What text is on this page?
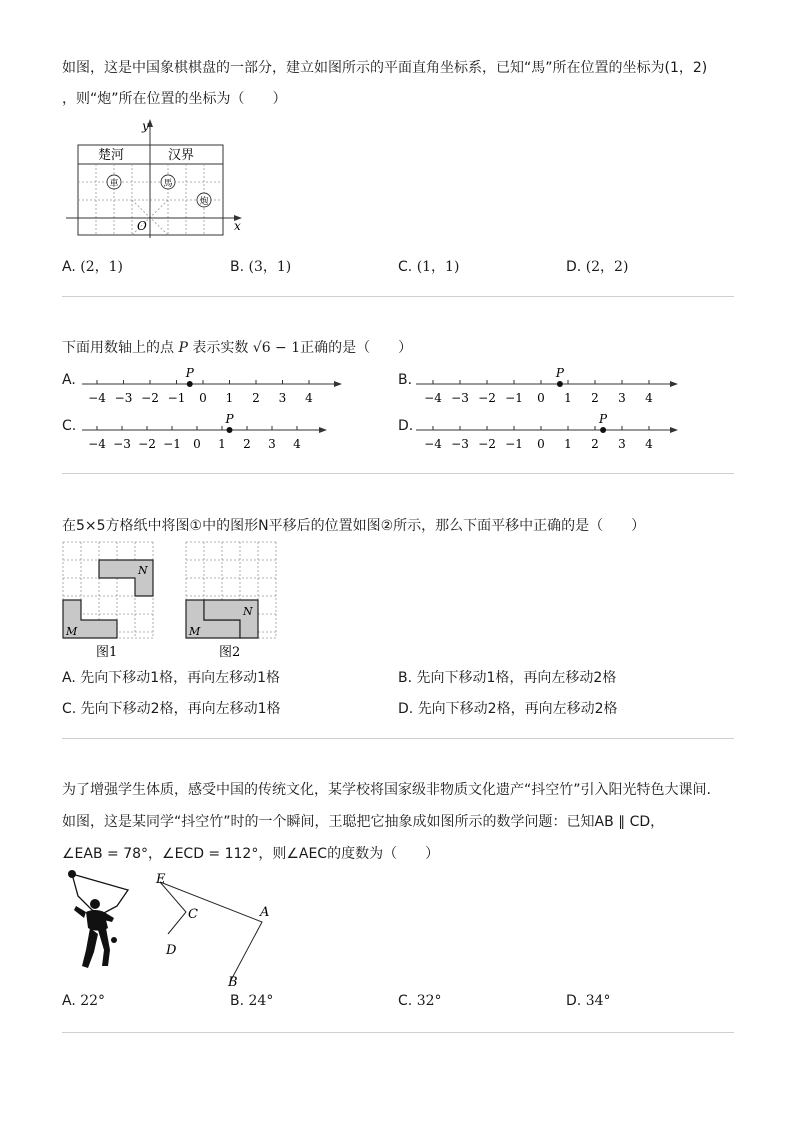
如图，这是中国象棋棋盘的一部分，建立如图所示的平面直角坐标系，已知“馬”所在位置的坐标为(1，2)
，则“炮”所在位置的坐标为（　　）
x
y
O
楚河	汉界
車	馬
炮
A. (2，1)	B. (3，1)	C. (1，1)	D. (2，2)
下面用数轴上的点 P 表示实数 √6 − 1正确的是（　　）
A.
−4 −3 −2 −1 0 1 2 3 4
P	B.
−4 −3 −2 −1 0 1 2 3 4
P
C.
−4 −3 −2 −1 0 1 2 3 4
P	D.
−4 −3 −2 −1 0 1 2 3 4
P
在5×5方格纸中将图①中的图形N平移后的位置如图②所示，那么下面平移中正确的是（　　）
M
N
图1
M
N
图2
A. 先向下移动1格，再向左移动1格	B. 先向下移动1格，再向左移动2格
C. 先向下移动2格，再向左移动1格	D. 先向下移动2格，再向左移动2格
为了增强学生体质，感受中国的传统文化，某学校将国家级非物质文化遗产“抖空竹”引入阳光特色大课间.
如图，这是某同学“抖空竹”时的一个瞬间，王聪把它抽象成如图所示的数学问题：已知AB ∥ CD，
∠EAB = 78°，∠ECD = 112°，则∠AEC的度数为（　　）
E
C	A
D
B
A. 22°	B. 24°	C. 32°	D. 34°
